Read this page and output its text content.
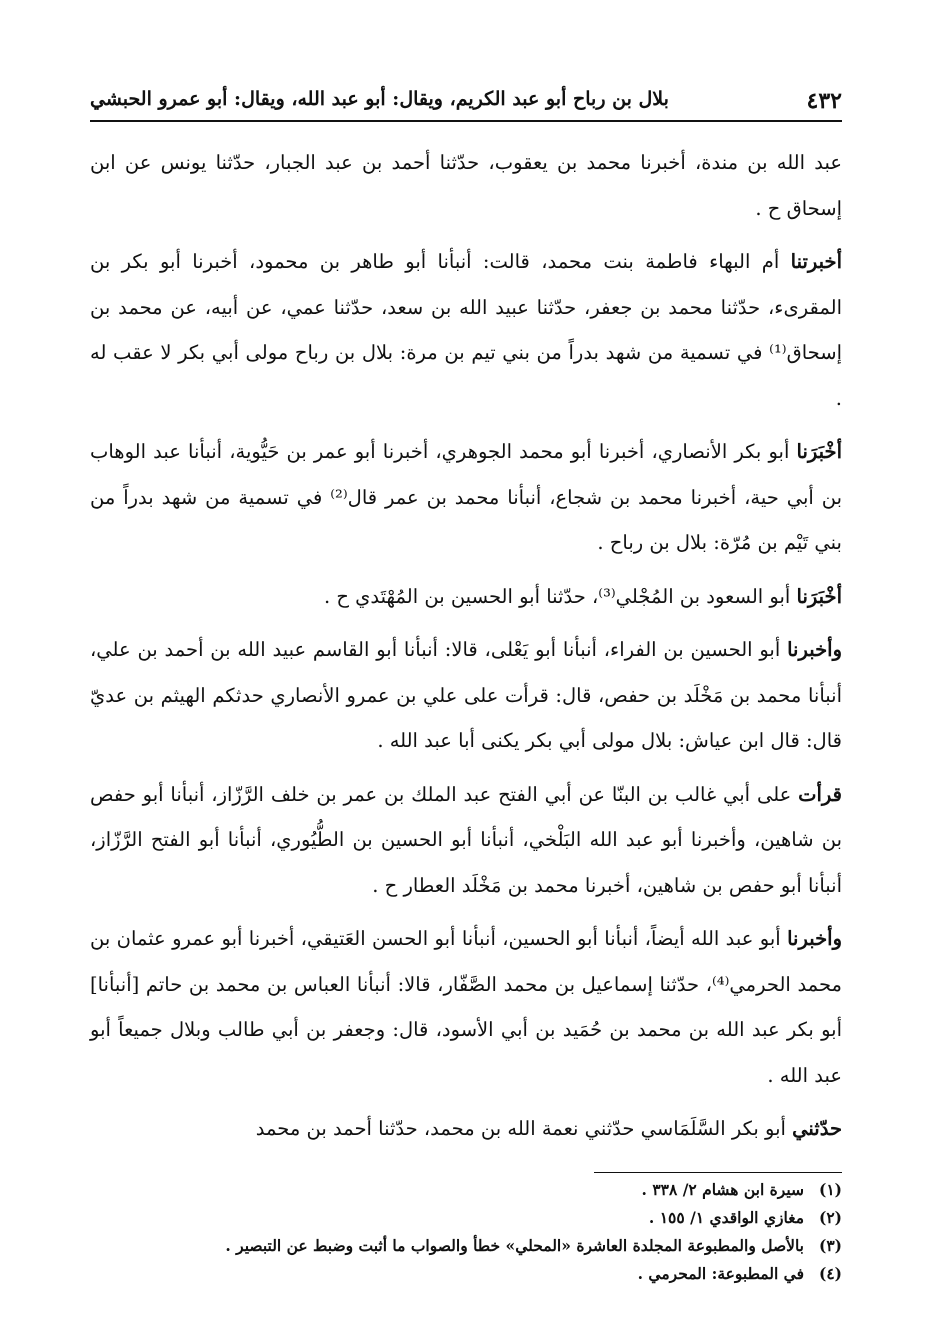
٤٣٢
بلال بن رباح أبو عبد الكريم، ويقال: أبو عبد الله، ويقال: أبو عمرو الحبشي

عبد الله بن مندة، أخبرنا محمد بن يعقوب، حدّثنا أحمد بن عبد الجبار، حدّثنا يونس عن ابن إسحاق ح .

أخبرتنا أم البهاء فاطمة بنت محمد، قالت: أنبأنا أبو طاهر بن محمود، أخبرنا أبو بكر بن المقرىء، حدّثنا محمد بن جعفر، حدّثنا عبيد الله بن سعد، حدّثنا عمي، عن أبيه، عن محمد بن إسحاق⁽¹⁾ في تسمية من شهد بدراً من بني تيم بن مرة: بلال بن رباح مولى أبي بكر لا عقب له .

أخْبَرَنا أبو بكر الأنصاري، أخبرنا أبو محمد الجوهري، أخبرنا أبو عمر بن حَيُّوية، أنبأنا عبد الوهاب بن أبي حية، أخبرنا محمد بن شجاع، أنبأنا محمد بن عمر قال⁽²⁾ في تسمية من شهد بدراً من بني تَيْم بن مُرّة: بلال بن رباح .

أخْبَرَنا أبو السعود بن المُجْلي⁽³⁾، حدّثنا أبو الحسين بن المُهْتَدي ح .

وأخبرنا أبو الحسين بن الفراء، أنبأنا أبو يَعْلى، قالا: أنبأنا أبو القاسم عبيد الله بن أحمد بن علي، أنبأنا محمد بن مَخْلَد بن حفص، قال: قرأت على علي بن عمرو الأنصاري حدثكم الهيثم بن عديّ قال: قال ابن عياش: بلال مولى أبي بكر يكنى أبا عبد الله .

قرأت على أبي غالب بن البنّا عن أبي الفتح عبد الملك بن عمر بن خلف الرَّزّاز، أنبأنا أبو حفص بن شاهين، وأخبرنا أبو عبد الله البَلْخي، أنبأنا أبو الحسين بن الطُّيُوري، أنبأنا أبو الفتح الرَّزّاز، أنبأنا أبو حفص بن شاهين، أخبرنا محمد بن مَخْلَد العطار ح .

وأخبرنا أبو عبد الله أيضاً، أنبأنا أبو الحسين، أنبأنا أبو الحسن العَتيقي، أخبرنا أبو عمرو عثمان بن محمد الحرمي⁽⁴⁾، حدّثنا إسماعيل بن محمد الصَّفّار، قالا: أنبأنا العباس بن محمد بن حاتم [أنبأنا] أبو بكر عبد الله بن محمد بن حُمَيد بن أبي الأسود، قال: وجعفر بن أبي طالب وبلال جميعاً أبو عبد الله .

حدّثني أبو بكر السَّلَمَاسي حدّثني نعمة الله بن محمد، حدّثنا أحمد بن محمد

(١)
سيرة ابن هشام ٢/ ٣٣٨ .
(٢)
مغازي الواقدي ١/ ١٥٥ .
(٣)
بالأصل والمطبوعة المجلدة العاشرة «المحلي» خطأ والصواب ما أثبت وضبط عن التبصير .
(٤)
في المطبوعة: المحرمي .
